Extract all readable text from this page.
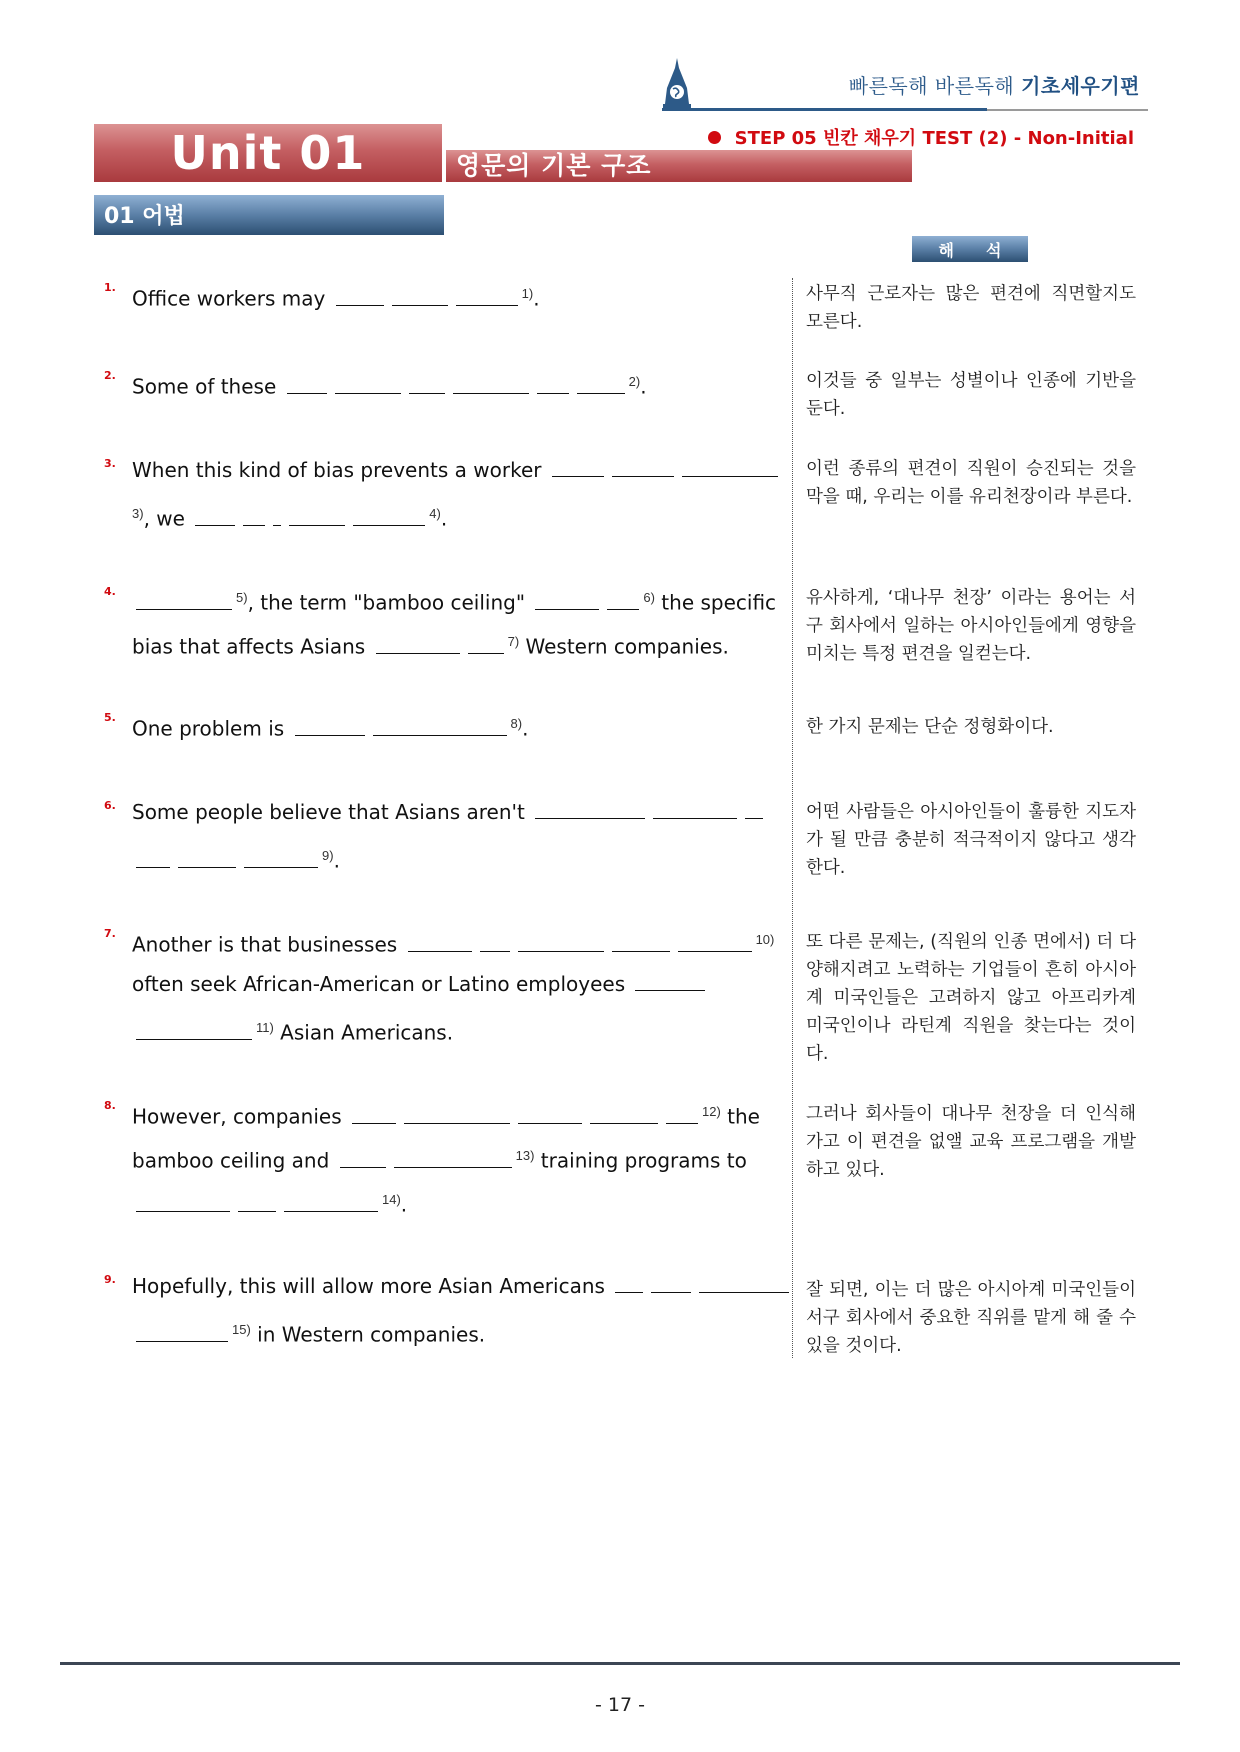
빠른독해 바른독해 기초세우기편
Unit 01	영문의 기본 구조
STEP 05 빈칸 채우기 TEST (2) - Non-Initial
01 어법
해 석
1. Office workers may	$^{1)}$.	사무직 근로자는 많은 편견에 직면할지도 모른다.
2. Some of these	$^{2)}$.	이것들 중 일부는 성별이나 인종에 기반을 둔다.
3. When this kind of bias prevents a worker
$^{3)}$, we	$^{4)}$.
이런 종류의 편견이 직원이 승진되는 것을 막을 때, 우리는 이를 유리천장이라 부른다.
4.	$^{5)}$, the term "bamboo ceiling"	$^{6)}$ the specific
bias that affects Asians	$^{7)}$ Western companies.
유사하게, ‘대나무 천장’ 이라는 용어는 서구 회사에서 일하는 아시아인들에게 영향을 미치는 특정 편견을 일컫는다.
5. One problem is	$^{8)}$.	한 가지 문제는 단순 정형화이다.
6. Some people believe that Asians aren't
$^{9)}$.
어떤 사람들은 아시아인들이 훌륭한 지도자가 될 만큼 충분히 적극적이지 않다고 생각한다.
7. Another is that businesses	$^{10)}$
often seek African-American or Latino employees
$^{11)}$ Asian Americans.
또 다른 문제는, (직원의 인종 면에서) 더 다양해지려고 노력하는 기업들이 흔히 아시아계 미국인들은 고려하지 않고 아프리카계 미국인이나 라틴계 직원을 찾는다는 것이다.
8. However, companies	$^{12)}$ the
bamboo ceiling and	$^{13)}$ training programs to
$^{14)}$.
그러나 회사들이 대나무 천장을 더 인식해가고 이 편견을 없앨 교육 프로그램을 개발하고 있다.
9. Hopefully, this will allow more Asian Americans
$^{15)}$ in Western companies.
잘 되면, 이는 더 많은 아시아계 미국인들이 서구 회사에서 중요한 직위를 맡게 해 줄 수 있을 것이다.
- 17 -
